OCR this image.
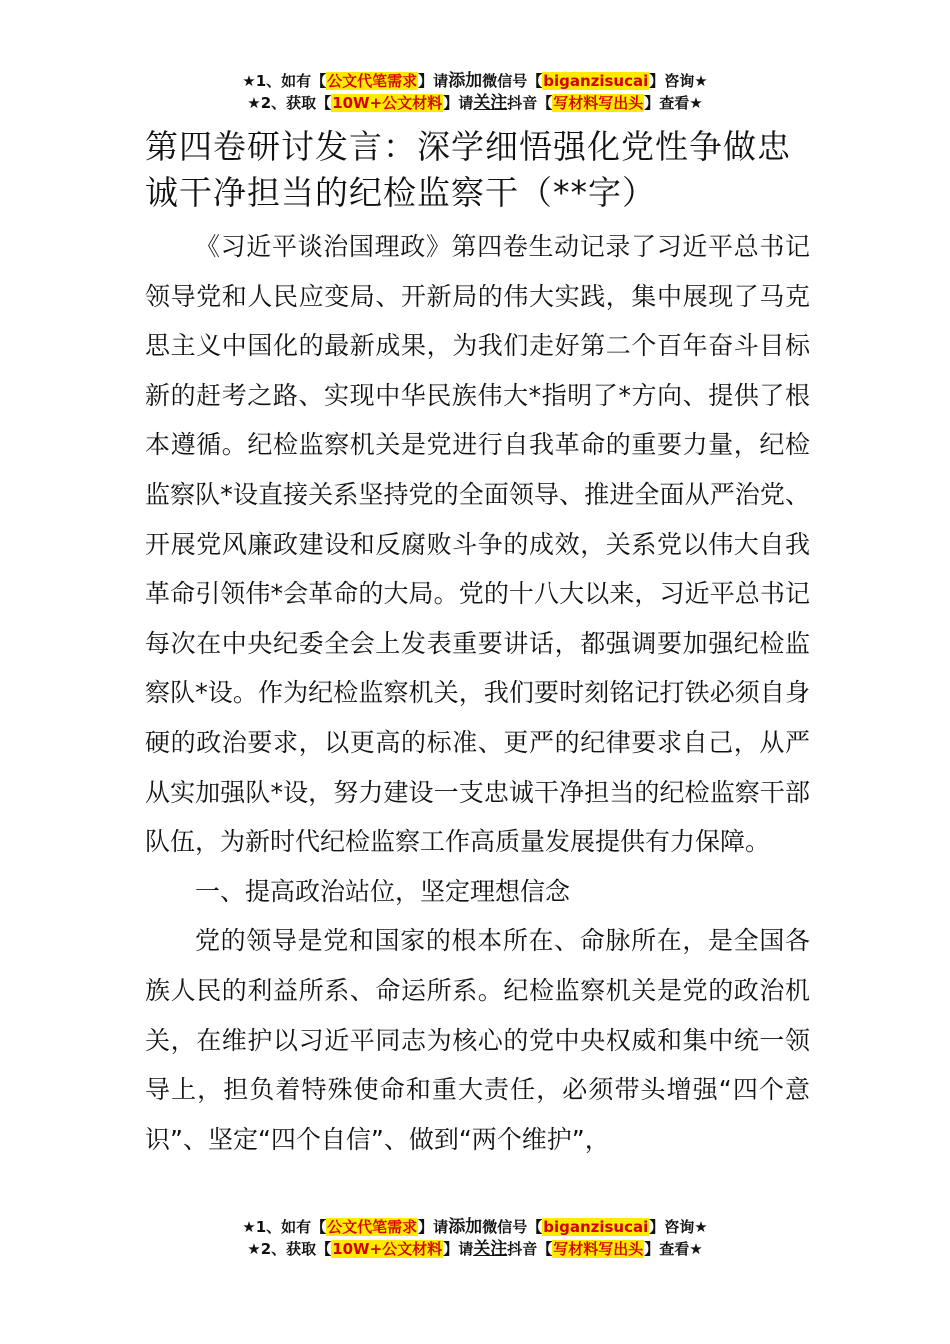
★1、如有【公文代笔需求】请添加微信号【biganzisucai】咨询★
★2、获取【10W+公文材料】请关注抖音【写材料写出头】查看★
第四卷研讨发言：深学细悟强化党性争做忠诚干净担当的纪检监察干（**字）

《习近平谈治国理政》第四卷生动记录了习近平总书记领导党和人民应变局、开新局的伟大实践，集中展现了马克思主义中国化的最新成果，为我们走好第二个百年奋斗目标新的赶考之路、实现中华民族伟大*指明了*方向、提供了根本遵循。纪检监察机关是党进行自我革命的重要力量，纪检监察队*设直接关系坚持党的全面领导、推进全面从严治党、开展党风廉政建设和反腐败斗争的成效，关系党以伟大自我革命引领伟*会革命的大局。党的十八大以来，习近平总书记每次在中央纪委全会上发表重要讲话，都强调要加强纪检监察队*设。作为纪检监察机关，我们要时刻铭记打铁必须自身硬的政治要求，以更高的标准、更严的纪律要求自己，从严从实加强队*设，努力建设一支忠诚干净担当的纪检监察干部队伍，为新时代纪检监察工作高质量发展提供有力保障。

一、提高政治站位，坚定理想信念

党的领导是党和国家的根本所在、命脉所在，是全国各族人民的利益所系、命运所系。纪检监察机关是党的政治机关，在维护以习近平同志为核心的党中央权威和集中统一领导上，担负着特殊使命和重大责任，必须带头增强“四个意识”、坚定“四个自信”、做到“两个维护”，

★1、如有【公文代笔需求】请添加微信号【biganzisucai】咨询★
★2、获取【10W+公文材料】请关注抖音【写材料写出头】查看★
